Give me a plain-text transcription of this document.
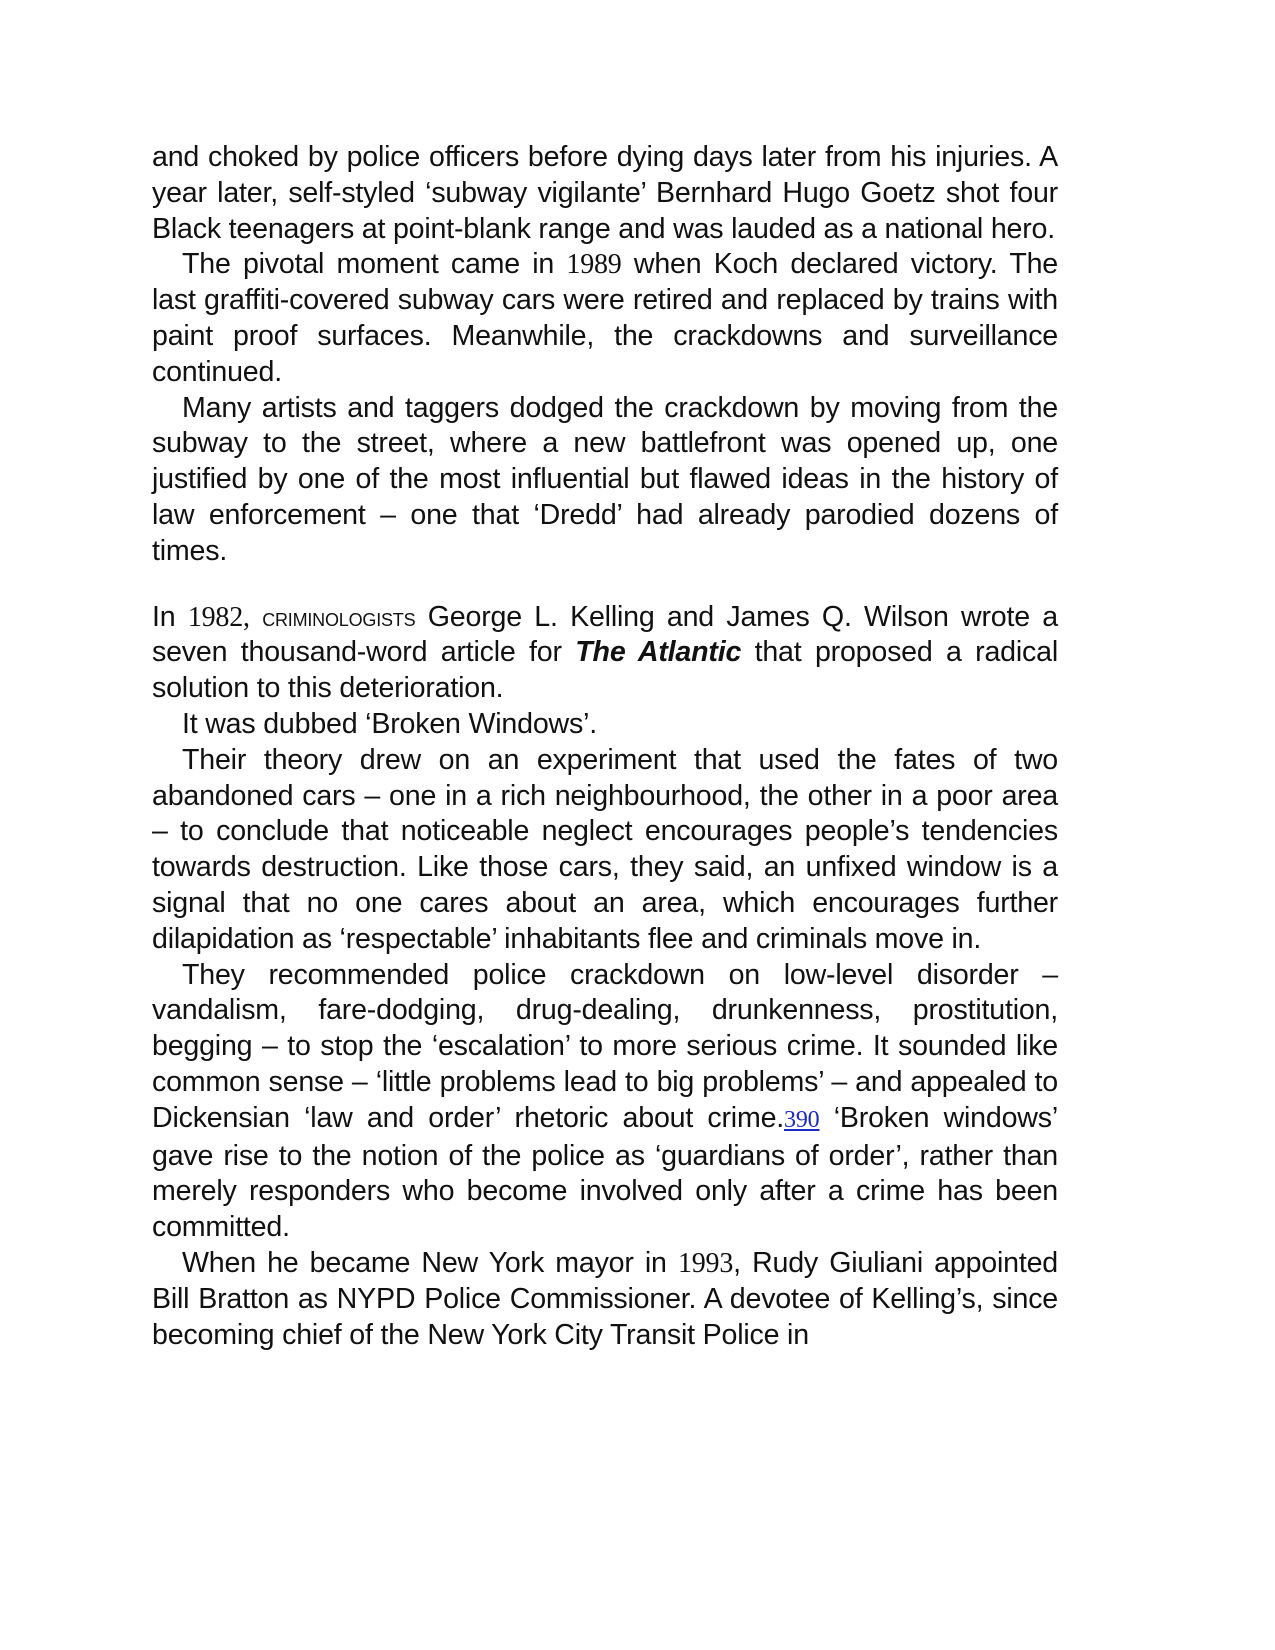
and choked by police officers before dying days later from his injuries. A year later, self-styled ‘subway vigilante’ Bernhard Hugo Goetz shot four Black teenagers at point-blank range and was lauded as a national hero.

The pivotal moment came in 1989 when Koch declared victory. The last graffiti-covered subway cars were retired and replaced by trains with paint proof surfaces. Meanwhile, the crackdowns and surveillance continued.

Many artists and taggers dodged the crackdown by moving from the subway to the street, where a new battlefront was opened up, one justified by one of the most influential but flawed ideas in the history of law enforcement – one that ‘Dredd’ had already parodied dozens of times.

In 1982, criminologists George L. Kelling and James Q. Wilson wrote a seven thousand-word article for The Atlantic that proposed a radical solution to this deterioration.

It was dubbed ‘Broken Windows’.

Their theory drew on an experiment that used the fates of two abandoned cars – one in a rich neighbourhood, the other in a poor area – to conclude that noticeable neglect encourages people’s tendencies towards destruction. Like those cars, they said, an unfixed window is a signal that no one cares about an area, which encourages further dilapidation as ‘respectable’ inhabitants flee and criminals move in.

They recommended police crackdown on low-level disorder – vandalism, fare-dodging, drug-dealing, drunkenness, prostitution, begging – to stop the ‘escalation’ to more serious crime. It sounded like common sense – ‘little problems lead to big problems’ – and appealed to Dickensian ‘law and order’ rhetoric about crime.390 ‘Broken windows’ gave rise to the notion of the police as ‘guardians of order’, rather than merely responders who become involved only after a crime has been committed.

When he became New York mayor in 1993, Rudy Giuliani appointed Bill Bratton as NYPD Police Commissioner. A devotee of Kelling’s, since becoming chief of the New York City Transit Police in
